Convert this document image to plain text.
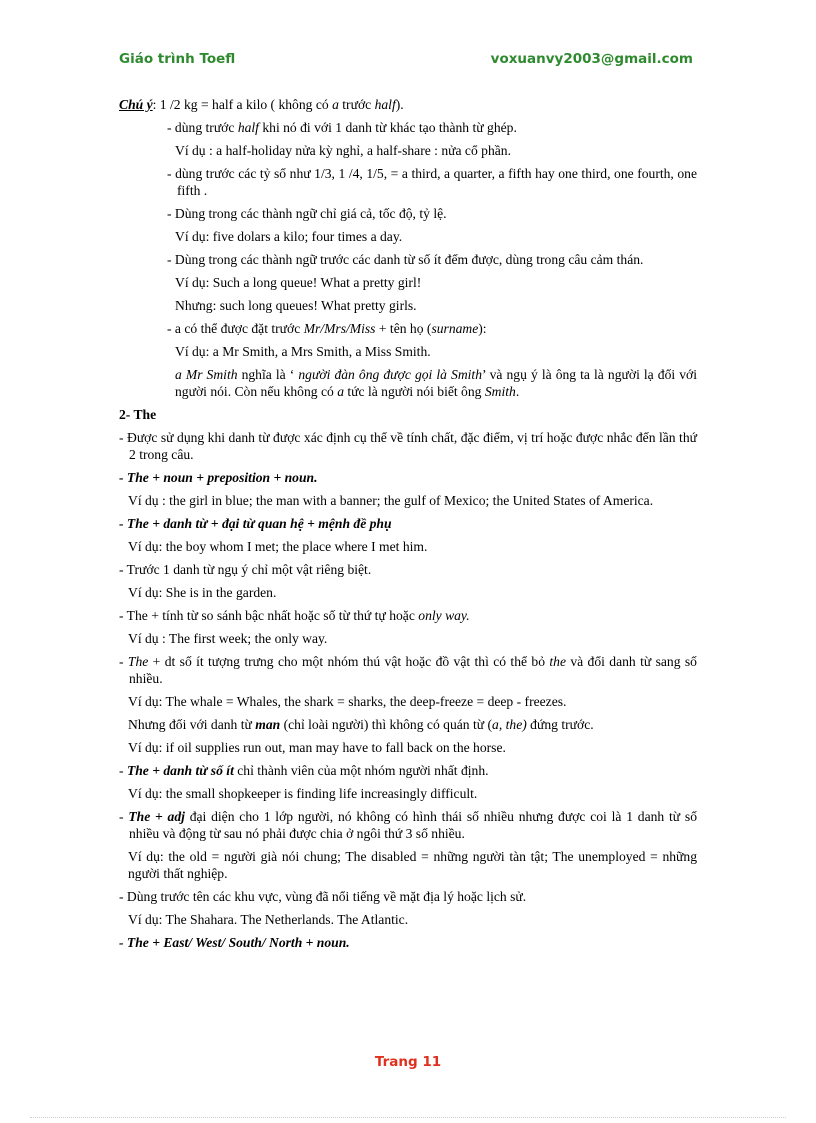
Giáo trình Toefl	voxuanvy2003@gmail.com

Chú ý: 1 /2 kg = half a kilo ( không có a trước half).

- dùng trước half khi nó đi với 1 danh từ khác tạo thành từ ghép.

Ví dụ : a half-holiday nửa kỳ nghỉ, a half-share : nửa cổ phần.

- dùng trước các tỷ số như 1/3, 1 /4, 1/5, = a third, a quarter, a fifth hay one third, one fourth, one fifth .

- Dùng trong các thành ngữ chỉ giá cả, tốc độ, tỷ lệ.

Ví dụ: five dolars a kilo; four times a day.

- Dùng trong các thành ngữ trước các danh từ số ít đếm được, dùng trong câu cảm thán.

Ví dụ: Such a long queue! What a pretty girl!

Nhưng: such long queues! What pretty girls.

- a có thể được đặt trước Mr/Mrs/Miss + tên họ (surname):

Ví dụ: a Mr Smith, a Mrs Smith, a Miss Smith.

a Mr Smith nghĩa là ‘ người đàn ông được gọi là Smith’ và ngụ ý là ông ta là người lạ đối với người nói. Còn nếu không có a tức là người nói biết ông Smith.

2- The

- Được sử dụng khi danh từ được xác định cụ thể về tính chất, đặc điểm, vị trí hoặc được nhắc đến lần thứ 2 trong câu.

- The + noun + preposition + noun.

Ví dụ : the girl in blue; the man with a banner; the gulf of Mexico; the United States of America.

- The + danh từ + đại từ quan hệ + mệnh đề phụ

Ví dụ: the boy whom I met; the place where I met him.

- Trước 1 danh từ ngụ ý chỉ một vật riêng biệt.

Ví dụ: She is in the garden.

- The + tính từ so sánh bậc nhất hoặc số từ thứ tự hoặc only way.

Ví dụ : The first week; the only way.

- The + dt số ít tượng trưng cho một nhóm thú vật hoặc đồ vật thì có thể bỏ the và đổi danh từ sang số nhiều.

Ví dụ: The whale = Whales, the shark = sharks, the deep-freeze = deep - freezes.

Nhưng đối với danh từ man (chỉ loài người) thì không có quán từ (a, the) đứng trước.

Ví dụ: if oil supplies run out, man may have to fall back on the horse.

- The + danh từ số ít chỉ thành viên của một nhóm người nhất định.

Ví dụ: the small shopkeeper is finding life increasingly difficult.

- The + adj đại diện cho 1 lớp người, nó không có hình thái số nhiều nhưng được coi là 1 danh từ số nhiều và động từ sau nó phải được chia ở ngôi thứ 3 số nhiều.

Ví dụ: the old = người già nói chung; The disabled = những người tàn tật; The unemployed = những người thất nghiệp.

- Dùng trước tên các khu vực, vùng đã nổi tiếng về mặt địa lý hoặc lịch sử.

Ví dụ: The Shahara. The Netherlands. The Atlantic.

- The + East/ West/ South/ North + noun.

Trang 11
